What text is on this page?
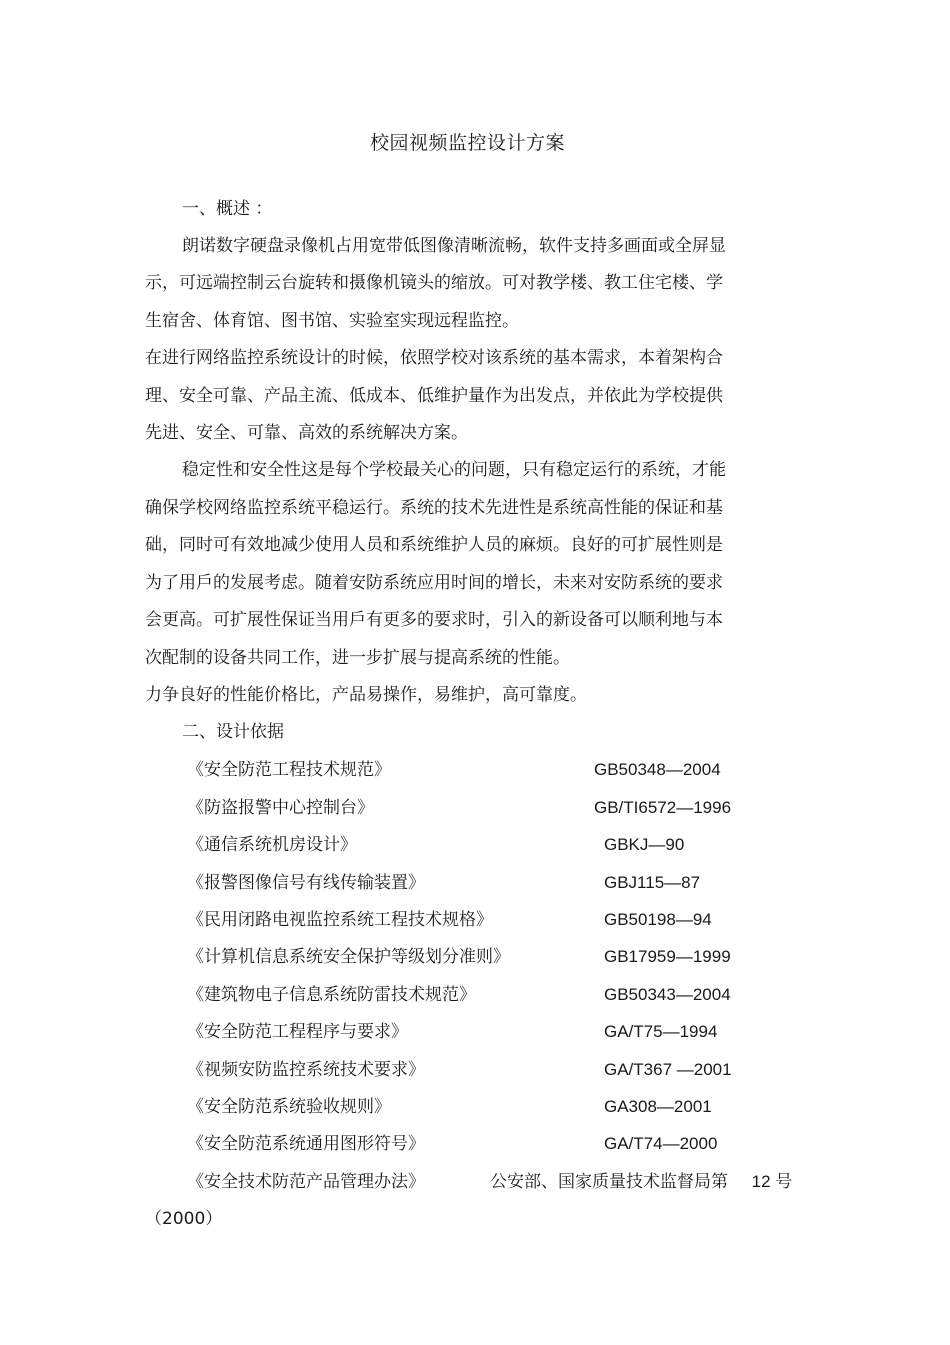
校园视频监控设计方案
一、概述 ：
朗诺数字硬盘录像机占用宽带低图像清晰流畅，软件支持多画面或全屏显
示，可远端控制云台旋转和摄像机镜头的缩放。可对教学楼、教工住宅楼、学
生宿舍、体育馆、图书馆、实验室实现远程监控。
在进行网络监控系统设计的时候，依照学校对该系统的基本需求，本着架构合
理、安全可靠、产品主流、低成本、低维护量作为出发点，并依此为学校提供
先进、安全、可靠、高效的系统解决方案。
稳定性和安全性这是每个学校最关心的问题，只有稳定运行的系统，才能
确保学校网络监控系统平稳运行。系统的技术先进性是系统高性能的保证和基
础，同时可有效地减少使用人员和系统维护人员的麻烦。良好的可扩展性则是
为了用戶的发展考虑。随着安防系统应用时间的增长，未来对安防系统的要求
会更高。可扩展性保证当用戶有更多的要求时，引入的新设备可以顺利地与本
次配制的设备共同工作，进一步扩展与提高系统的性能。
力争良好的性能价格比，产品易操作，易维护，高可靠度。
二、设计依据
《安全防范工程技术规范》	GB50348—2004
《防盗报警中心控制台》	GB/TI6572—1996
《通信系统机房设计》	GBKJ—90
《报警图像信号有线传输装置》	GBJ115—87
《民用闭路电视监控系统工程技术规格》	GB50198—94
《计算机信息系统安全保护等级划分准则》	GB17959—1999
《建筑物电子信息系统防雷技术规范》	GB50343—2004
《安全防范工程程序与要求》	GA/T75—1994
《视频安防监控系统技术要求》	GA/T367 —2001
《安全防范系统验收规则》	GA308—2001
《安全防范系统通用图形符号》	GA/T74—2000
《安全技术防范产品管理办法》	公安部、国家质量技术监督局第     12 号
（2000）
